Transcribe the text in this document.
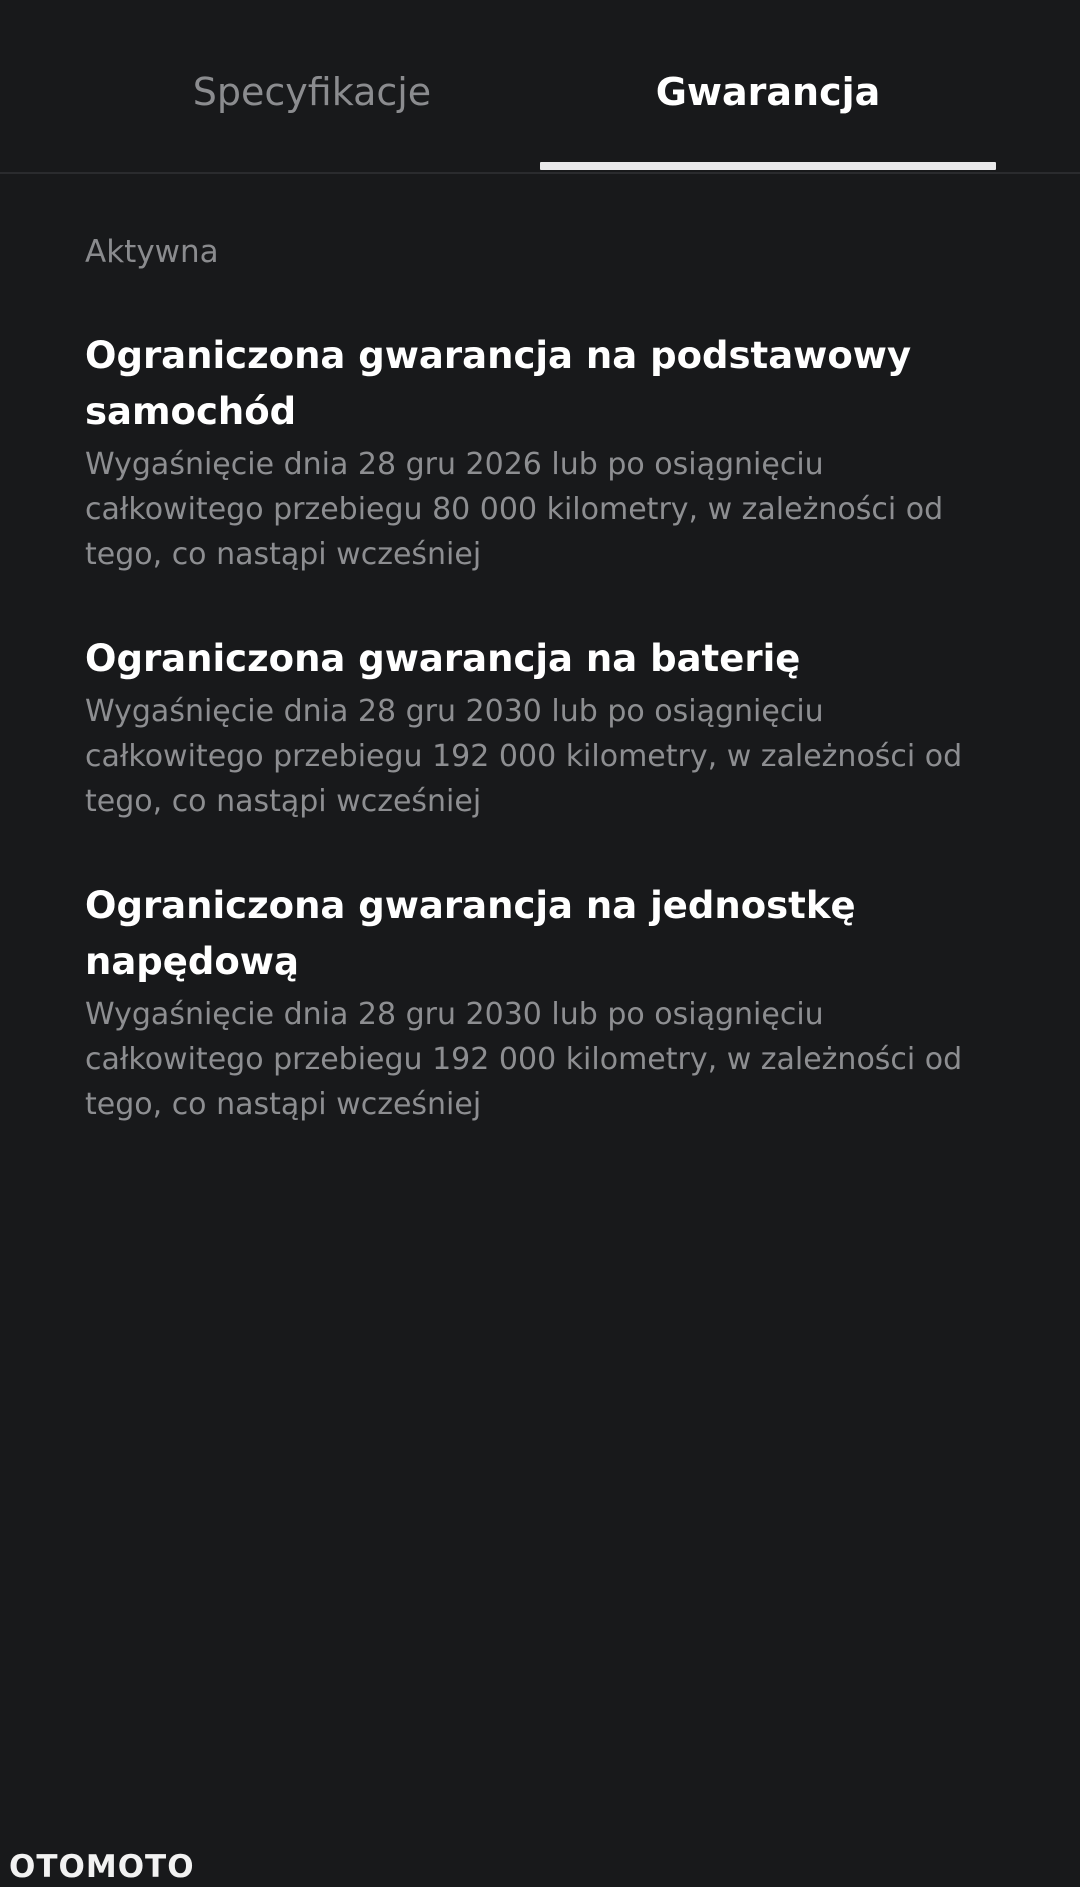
Specyfikacje	Gwarancja
Aktywna
Ograniczona gwarancja na podstawowy samochód

Wygaśnięcie dnia 28 gru 2026 lub po osiągnięciu całkowitego przebiegu 80 000 kilometry, w zależności od tego, co nastąpi wcześniej

Ograniczona gwarancja na baterię

Wygaśnięcie dnia 28 gru 2030 lub po osiągnięciu całkowitego przebiegu 192 000 kilometry, w zależności od tego, co nastąpi wcześniej

Ograniczona gwarancja na jednostkę napędową

Wygaśnięcie dnia 28 gru 2030 lub po osiągnięciu całkowitego przebiegu 192 000 kilometry, w zależności od tego, co nastąpi wcześniej

OTOMOTO
